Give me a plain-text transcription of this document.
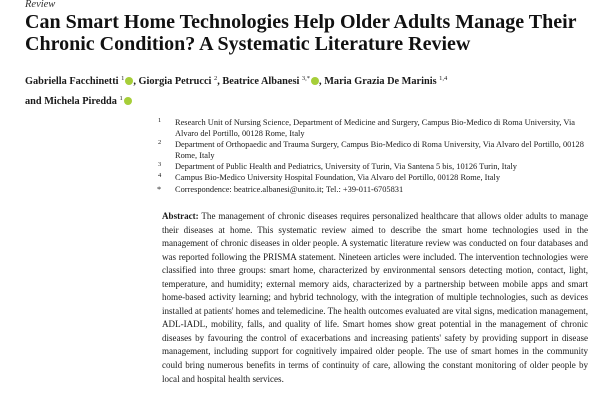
Review
Can Smart Home Technologies Help Older Adults Manage Their Chronic Condition? A Systematic Literature Review
Gabriella Facchinetti $^1$ , Giorgia Petrucci $^2$, Beatrice Albanesi $^{3,*}$ , Maria Grazia De Marinis $^{1,4}$
and Michela Piredda $^1$
1 Research Unit of Nursing Science, Department of Medicine and Surgery, Campus Bio-Medico di Roma University, Via Alvaro del Portillo, 00128 Rome, Italy
2 Department of Orthopaedic and Trauma Surgery, Campus Bio-Medico di Roma University, Via Alvaro del Portillo, 00128 Rome, Italy
3 Department of Public Health and Pediatrics, University of Turin, Via Santena 5 bis, 10126 Turin, Italy
4 Campus Bio-Medico University Hospital Foundation, Via Alvaro del Portillo, 00128 Rome, Italy
* Correspondence: beatrice.albanesi@unito.it; Tel.: +39-011-6705831

Abstract: The management of chronic diseases requires personalized healthcare that allows older adults to manage their diseases at home. This systematic review aimed to describe the smart home technologies used in the management of chronic diseases in older people. A systematic literature review was conducted on four databases and was reported following the PRISMA statement. Nineteen articles were included. The intervention technologies were classified into three groups: smart home, characterized by environmental sensors detecting motion, contact, light, temperature, and humidity; external memory aids, characterized by a partnership between mobile apps and smart home-based activity learning; and hybrid technology, with the integration of multiple technologies, such as devices installed at patients' homes and telemedicine. The health outcomes evaluated are vital signs, medication management, ADL-IADL, mobility, falls, and quality of life. Smart homes show great potential in the management of chronic diseases by favouring the control of exacerbations and increasing patients' safety by providing support in disease management, including support for cognitively impaired older people. The use of smart homes in the community could bring numerous benefits in terms of continuity of care, allowing the constant monitoring of older people by local and hospital health services.
